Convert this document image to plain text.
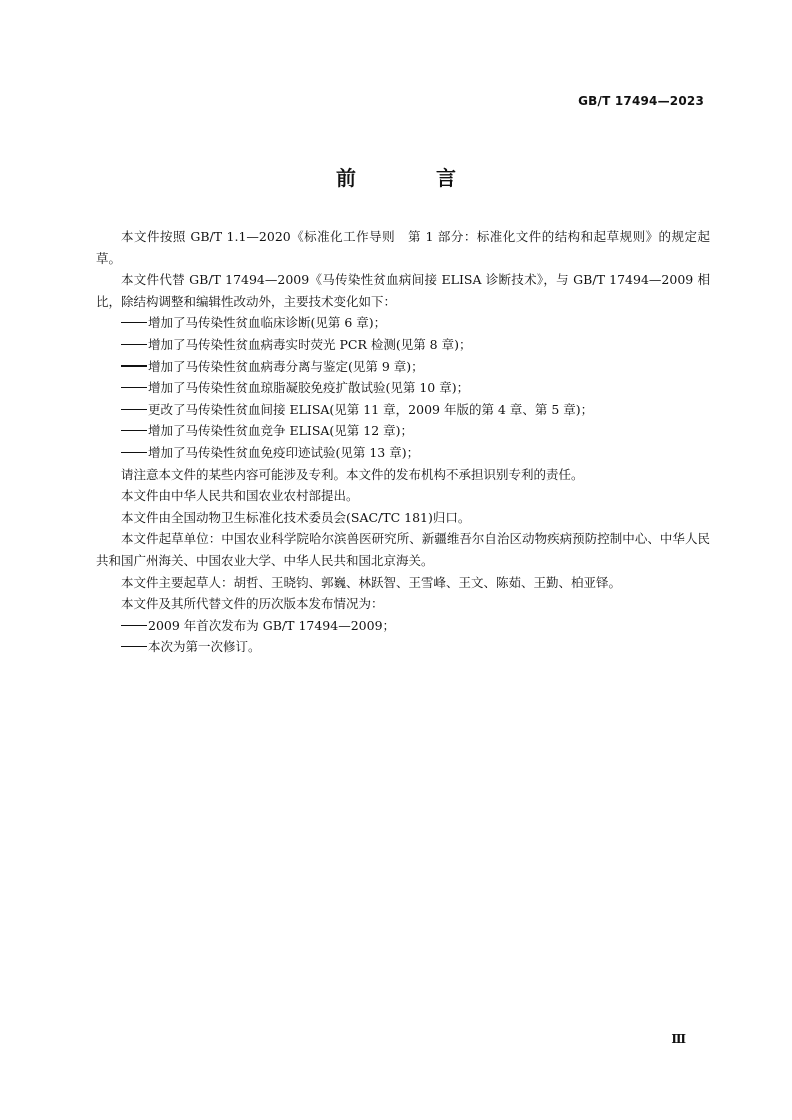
GB/T 17494—2023
前　言

本文件按照 GB/T 1.1—2020《标准化工作导则　第 1 部分：标准化文件的结构和起草规则》的规定起草。

本文件代替 GB/T 17494—2009《马传染性贫血病间接 ELISA 诊断技术》，与 GB/T 17494—2009 相比，除结构调整和编辑性改动外，主要技术变化如下：

增加了马传染性贫血临床诊断(见第 6 章)；

增加了马传染性贫血病毒实时荧光 PCR 检测(见第 8 章)；

增加了马传染性贫血病毒分离与鉴定(见第 9 章)；

增加了马传染性贫血琼脂凝胶免疫扩散试验(见第 10 章)；

更改了马传染性贫血间接 ELISA(见第 11 章，2009 年版的第 4 章、第 5 章)；

增加了马传染性贫血竞争 ELISA(见第 12 章)；

增加了马传染性贫血免疫印迹试验(见第 13 章)；

请注意本文件的某些内容可能涉及专利。本文件的发布机构不承担识别专利的责任。

本文件由中华人民共和国农业农村部提出。

本文件由全国动物卫生标准化技术委员会(SAC/TC 181)归口。

本文件起草单位：中国农业科学院哈尔滨兽医研究所、新疆维吾尔自治区动物疾病预防控制中心、中华人民共和国广州海关、中国农业大学、中华人民共和国北京海关。

本文件主要起草人：胡哲、王晓钧、郭巍、林跃智、王雪峰、王文、陈茹、王勤、柏亚铎。

本文件及其所代替文件的历次版本发布情况为：

2009 年首次发布为 GB/T 17494—2009；

本次为第一次修订。

Ⅲ
